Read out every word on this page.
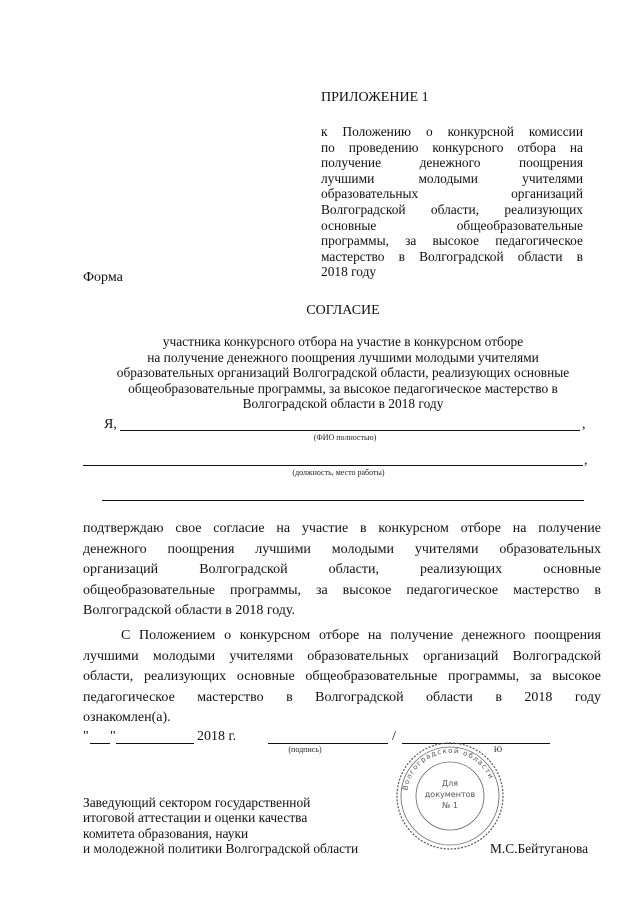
ПРИЛОЖЕНИЕ 1
к Положению о конкурсной комиссии
по проведению конкурсного отбора на
получение денежного поощрения
лучшими молодыми учителями
образовательных организаций
Волгоградской области, реализующих
основные общеобразовательные
программы, за высокое педагогическое
мастерство в Волгоградской области в
2018 году
Форма
СОГЛАСИЕ
участника конкурсного отбора на участие в конкурсном отборе
на получение денежного поощрения лучшими молодыми учителями
образовательных организаций Волгоградской области, реализующих основные
общеобразовательные программы, за высокое педагогическое мастерство в
Волгоградской области в 2018 году
Я,	,
(ФИО полностью)
,
(должность, место работы)
подтверждаю свое согласие на участие в конкурсном отборе на получение
денежного поощрения лучшими молодыми учителями образовательных
организаций Волгоградской области, реализующих основные
общеобразовательные программы, за высокое педагогическое мастерство в
Волгоградской области в 2018 году.
С Положением о конкурсном отборе на получение денежного поощрения
лучшими молодыми учителями образовательных организаций Волгоградской
области, реализующих основные общеобразовательные программы, за высокое
педагогическое мастерство в Волгоградской области в 2018 году
ознакомлен(а).
" "	2018 г.	/
(подпись)	Ю
Волгоградской области
Для
документов
№ 1
Заведующий сектором государственной
итоговой аттестации и оценки качества
комитета образования, науки
и молодежной политики Волгоградской области	М.С.Бейтуганова
